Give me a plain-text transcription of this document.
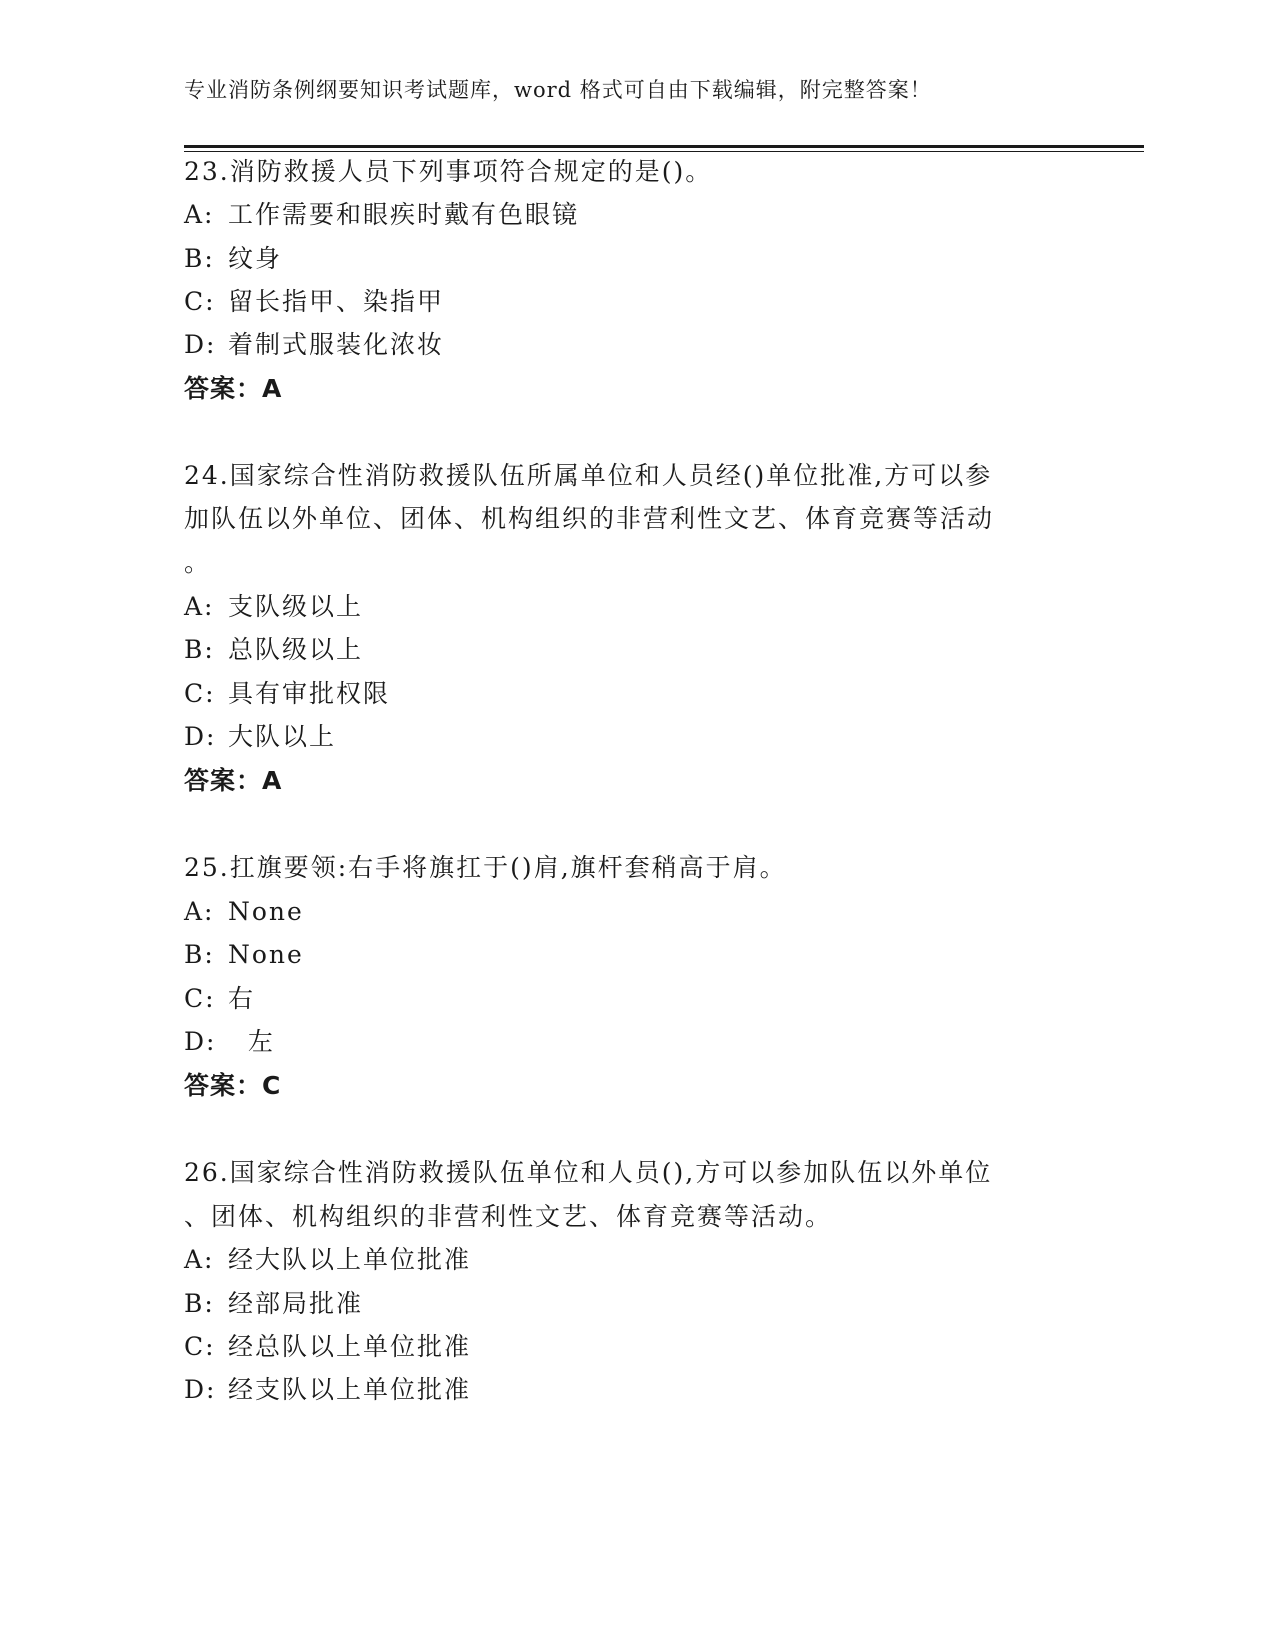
专业消防条例纲要知识考试题库，word 格式可自由下载编辑，附完整答案！
23.消防救援人员下列事项符合规定的是()。
A: 工作需要和眼疾时戴有色眼镜
B: 纹身
C: 留长指甲、染指甲
D: 着制式服装化浓妆
答案：A
24.国家综合性消防救援队伍所属单位和人员经()单位批准,方可以参
加队伍以外单位、团体、机构组织的非营利性文艺、体育竞赛等活动
。
A: 支队级以上
B: 总队级以上
C: 具有审批权限
D: 大队以上
答案：A
25.扛旗要领:右手将旗扛于()肩,旗杆套稍高于肩。
A: None
B: None
C: 右
D:  左
答案：C
26.国家综合性消防救援队伍单位和人员(),方可以参加队伍以外单位
、团体、机构组织的非营利性文艺、体育竞赛等活动。
A: 经大队以上单位批准
B: 经部局批准
C: 经总队以上单位批准
D: 经支队以上单位批准
